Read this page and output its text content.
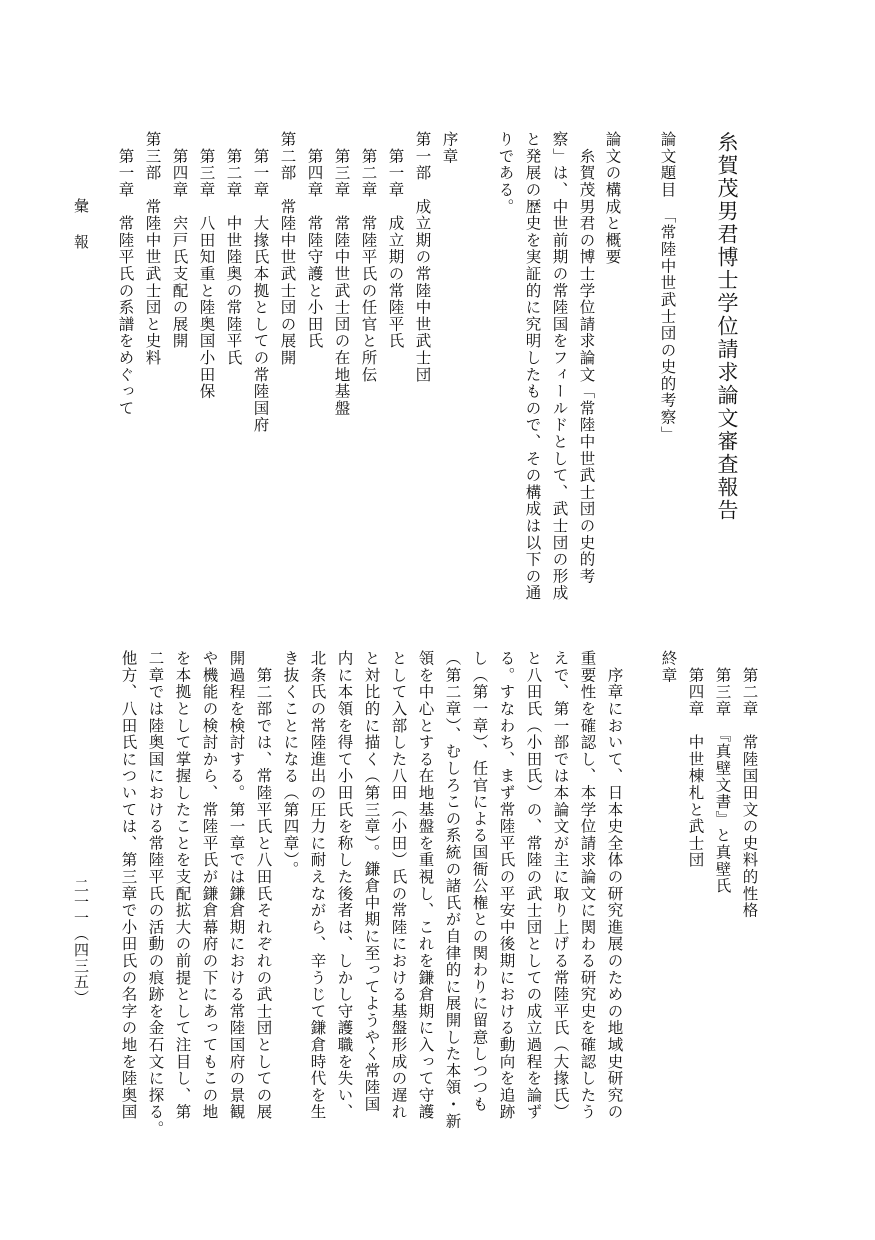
糸賀茂男君博士学位請求論文審査報告
論文題目　「常陸中世武士団の史的考察」
論文の構成と概要
　糸賀茂男君の博士学位請求論文「常陸中世武士団の史的考
察」は、中世前期の常陸国をフィールドとして、武士団の形成
と発展の歴史を実証的に究明したもので、その構成は以下の通
りである。
序章
第一部　成立期の常陸中世武士団
　第一章　成立期の常陸平氏
　第二章　常陸平氏の任官と所伝
　第三章　常陸中世武士団の在地基盤
　第四章　常陸守護と小田氏
第二部　常陸中世武士団の展開
　第一章　大掾氏本拠としての常陸国府
　第二章　中世陸奥の常陸平氏
　第三章　八田知重と陸奥国小田保
　第四章　宍戸氏支配の展開
第三部　常陸中世武士団と史料
　第一章　常陸平氏の系譜をめぐって
彙　報
　第二章　常陸国田文の史料的性格
　第三章　『真壁文書』と真壁氏
　第四章　中世棟札と武士団
終章
　序章において、日本史全体の研究進展のための地域史研究の
重要性を確認し、本学位請求論文に関わる研究史を確認したう
えで、第一部では本論文が主に取り上げる常陸平氏（大掾氏）
と八田氏（小田氏）の、常陸の武士団としての成立過程を論ず
る。すなわち、まず常陸平氏の平安中後期における動向を追跡
し（第一章）、任官による国衙公権との関わりに留意しつつも
（第二章）、むしろこの系統の諸氏が自律的に展開した本領・新
領を中心とする在地基盤を重視し、これを鎌倉期に入って守護
として入部した八田（小田）氏の常陸における基盤形成の遅れ
と対比的に描く（第三章）。鎌倉中期に至ってようやく常陸国
内に本領を得て小田氏を称した後者は、しかし守護職を失い、
北条氏の常陸進出の圧力に耐えながら、辛うじて鎌倉時代を生
き抜くことになる（第四章）。
　第二部では、常陸平氏と八田氏それぞれの武士団としての展
開過程を検討する。第一章では鎌倉期における常陸国府の景観
や機能の検討から、常陸平氏が鎌倉幕府の下にあってもこの地
を本拠として掌握したことを支配拡大の前提として注目し、第
二章では陸奥国における常陸平氏の活動の痕跡を金石文に探る。
他方、八田氏については、第三章で小田氏の名字の地を陸奥国
二一一（四三五）
